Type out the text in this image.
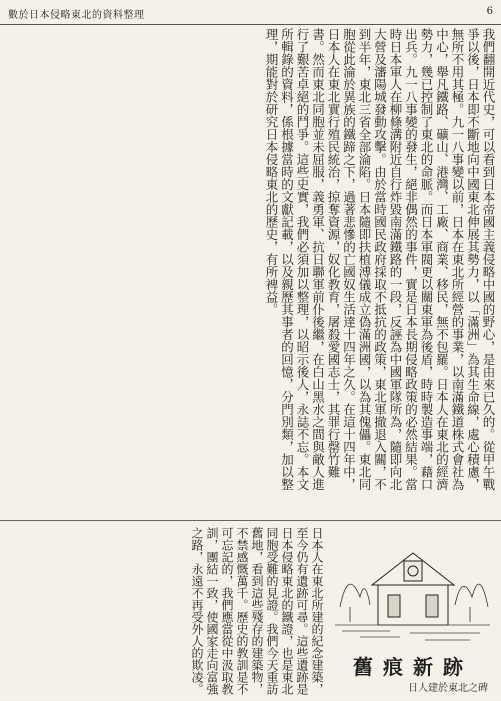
數於日本侵略東北的資料整理	6
我們翻開近代史，可以看到日本帝國主義侵略中國的野心，是由來已久的。從甲午戰爭以後，日本即不斷地向中國東北伸展其勢力，以「滿洲」為其生命線，處心積慮，無所不用其極。九一八事變以前，日本在東北所經營的事業，以南滿鐵道株式會社為中心，舉凡鐵路、礦山、港灣、工廠、商業、移民，無不包羅。日本人在東北的經濟勢力，幾已控制了東北的命脈。而日本軍閥更以關東軍為後盾，時時製造事端，藉口出兵。九一八事變的發生，絕非偶然的事件，實是日本長期侵略政策的必然結果。當時日本軍人在柳條溝附近自行炸毀南滿鐵路的一段，反誣為中國軍隊所為，隨即向北大營及瀋陽城發動攻擊。由於當時國民政府採取不抵抗的政策，東北軍撤退入關，不到半年，東北三省全部淪陷。日本隨即扶植溥儀成立偽滿洲國，以為其傀儡。東北同胞從此淪於異族的鐵蹄之下，過著悲慘的亡國奴生活達十四年之久。在這十四年中，日本人在東北實行殖民統治，掠奪資源，奴化教育，屠殺愛國志士，其罪行罄竹難書。然而東北同胞並未屈服，義勇軍、抗日聯軍前仆後繼，在白山黑水之間與敵人進行了艱苦卓絕的鬥爭。這些史實，我們必須加以整理，以昭示後人，永誌不忘。本文所輯錄的資料，係根據當時的文獻記載，以及親歷其事者的回憶，分門別類，加以整理，期能對於研究日本侵略東北的歷史，有所裨益。
日本人在東北所建的紀念建築，至今仍有遺跡可尋。這些遺跡是日本侵略東北的鐵證，也是東北同胞受難的見證。我們今天重訪舊地，看到這些殘存的建築物，不禁感慨萬千。歷史的教訓是不可忘記的，我們應當從中汲取教訓，團結一致，使國家走向富強之路，永遠不再受外人的欺凌。	舊痕新跡
日人建於東北之碑
